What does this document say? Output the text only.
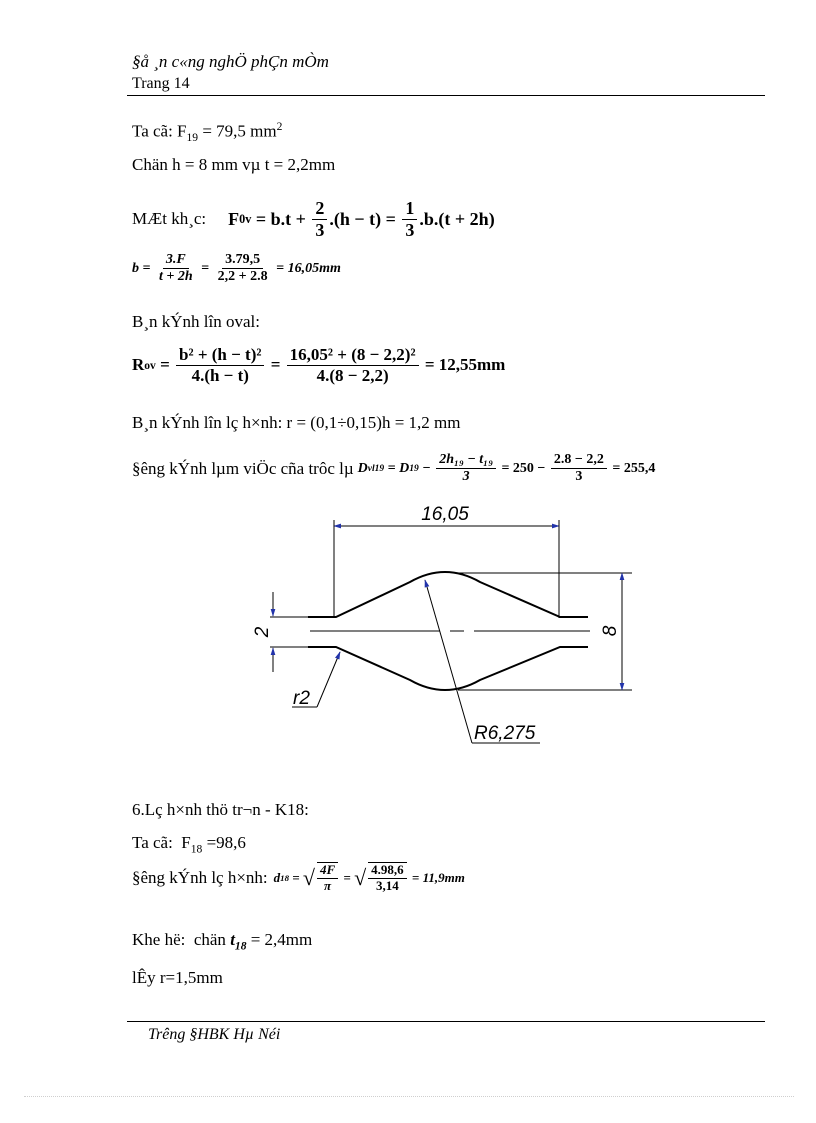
§å ¸n c«ng nghÖ phÇn mÒm
Trang 14
Ta cã: $F_{19} = 79,5$ $mm^2$
Chän h = 8 mm vµ t = 2,2mm
MÆt kh¸c: F $0v = b.t + \frac{2}{3} .(h - t) = \frac{1}{3} .b.(t + 2h)$
$b = \frac{3.F}{t + 2h} = \frac{3.79,5}{2,2 + 2.8} = 16,05mm$
B¸n kÝnh lîn oval:
R ov = $\frac{\text{b² + (h − t)²}}{4.(h - t)} = \frac{\text{16,05² + (8 − 2,2)²}}{4.(8 - 2,2)} = 12,55mm$
B¸n kÝnh lîn lç h×nh: r = (0,1÷0,15)h = 1,2 mm
§êng kÝnh lµm viÖc cña trôc lµ D vl19 = D $19 - \frac{\text{2h₁₉ − t₁₉}}{3} = 250 - \frac{2.8 - 2,2}{3} = 255,4$
16,05
8
2
r2
R6,275
6.Lç h×nh thö tr¬n - K18:
Ta cã:  $F_{18} =98,6$
§êng kÝnh lç h×nh: d 18 = √ $\frac{4F}{\pi}$ = √ $\frac{4.98,6}{3,14} = 11,9mm$
Khe hë:  chän $t_{18} = 2,4mm$
lÊy r=1,5mm
Trêng §HBK Hµ Néi
